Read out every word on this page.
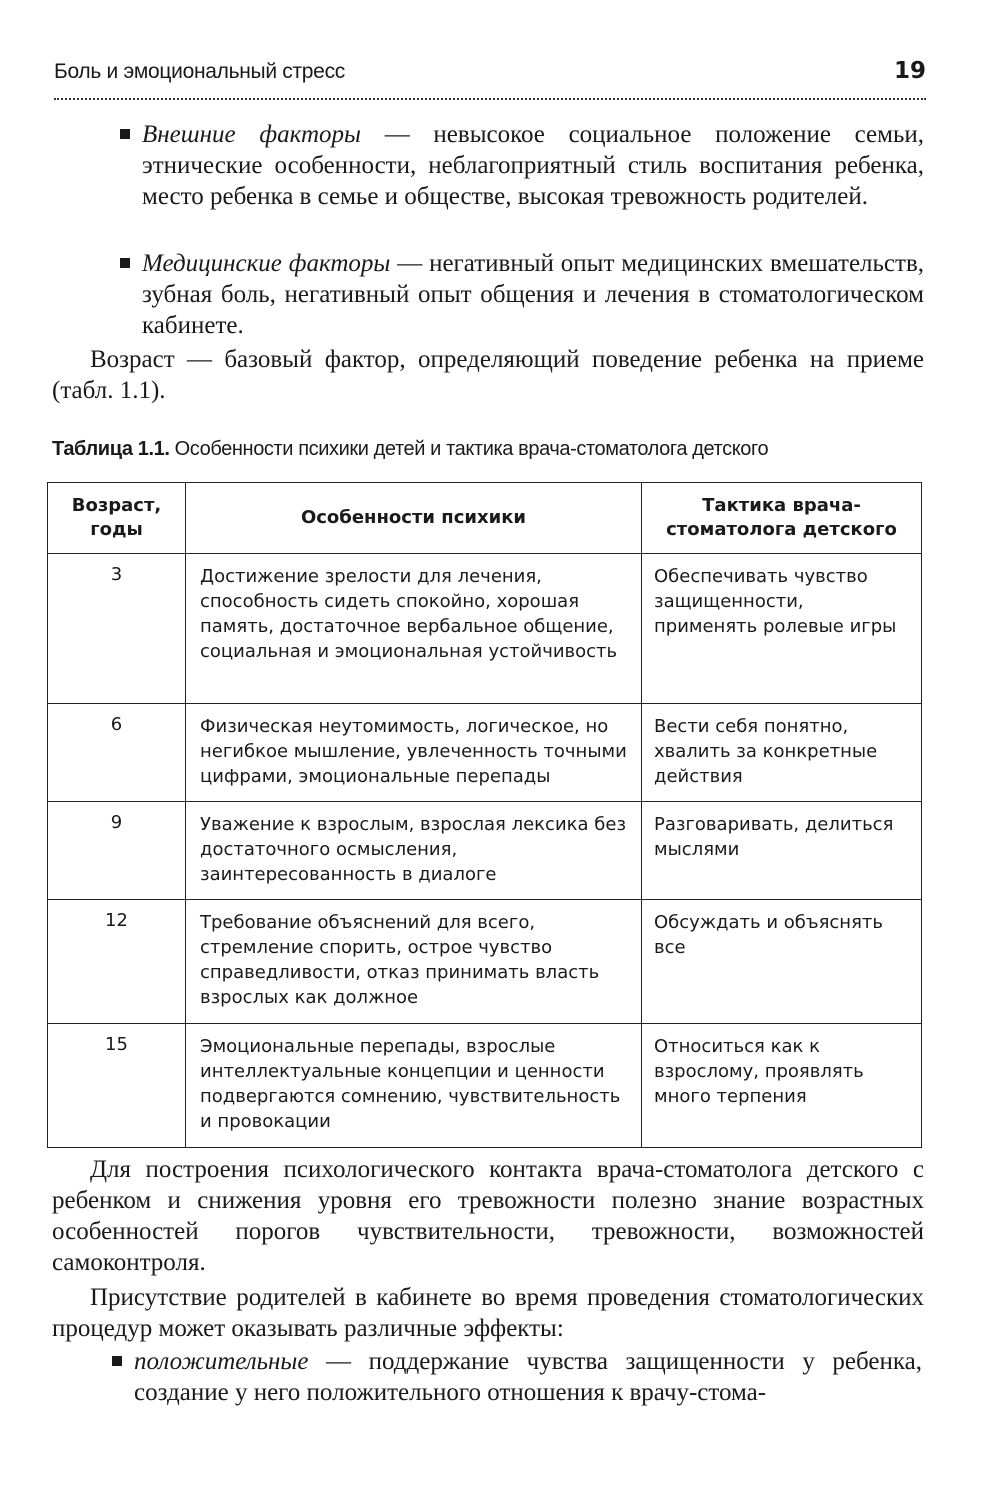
Боль и эмоциональный стресс	19

Внешние факторы — невысокое социальное положение семьи, этнические особенности, неблагоприятный стиль воспитания ребенка, место ребенка в семье и обществе, высокая тревожность родителей.

Медицинские факторы — негативный опыт медицинских вмешательств, зубная боль, негативный опыт общения и лечения в стоматологическом кабинете.

Возраст — базовый фактор, определяющий поведение ребенка на приеме (табл. 1.1).

Таблица 1.1. Особенности психики детей и тактика врача-стоматолога детского
Возраст, годы	Особенности психики	Тактика врача-стоматолога детского
3	Достижение зрелости для лечения, способность сидеть спокойно, хорошая память, достаточное вербальное общение, социальная и эмоциональная устойчивость	Обеспечивать чувство защищенности, применять ролевые игры
6	Физическая неутомимость, логическое, но негибкое мышление, увлеченность точными цифрами, эмоциональные перепады	Вести себя понятно, хвалить за конкретные действия
9	Уважение к взрослым, взрослая лексика без достаточного осмысления, заинтересованность в диалоге	Разговаривать, делиться мыслями
12	Требование объяснений для всего, стремление спорить, острое чувство справедливости, отказ принимать власть взрослых как должное	Обсуждать и объяснять все
15	Эмоциональные перепады, взрослые интеллектуальные концепции и ценности подвергаются сомнению, чувствительность и провокации	Относиться как к взрослому, проявлять много терпения

Для построения психологического контакта врача-стоматолога детского с ребенком и снижения уровня его тревожности полезно знание возрастных особенностей порогов чувствительности, тревожности, возможностей самоконтроля.

Присутствие родителей в кабинете во время проведения стоматологических процедур может оказывать различные эффекты:

положительные — поддержание чувства защищенности у ребенка, создание у него положительного отношения к врачу-стома-
